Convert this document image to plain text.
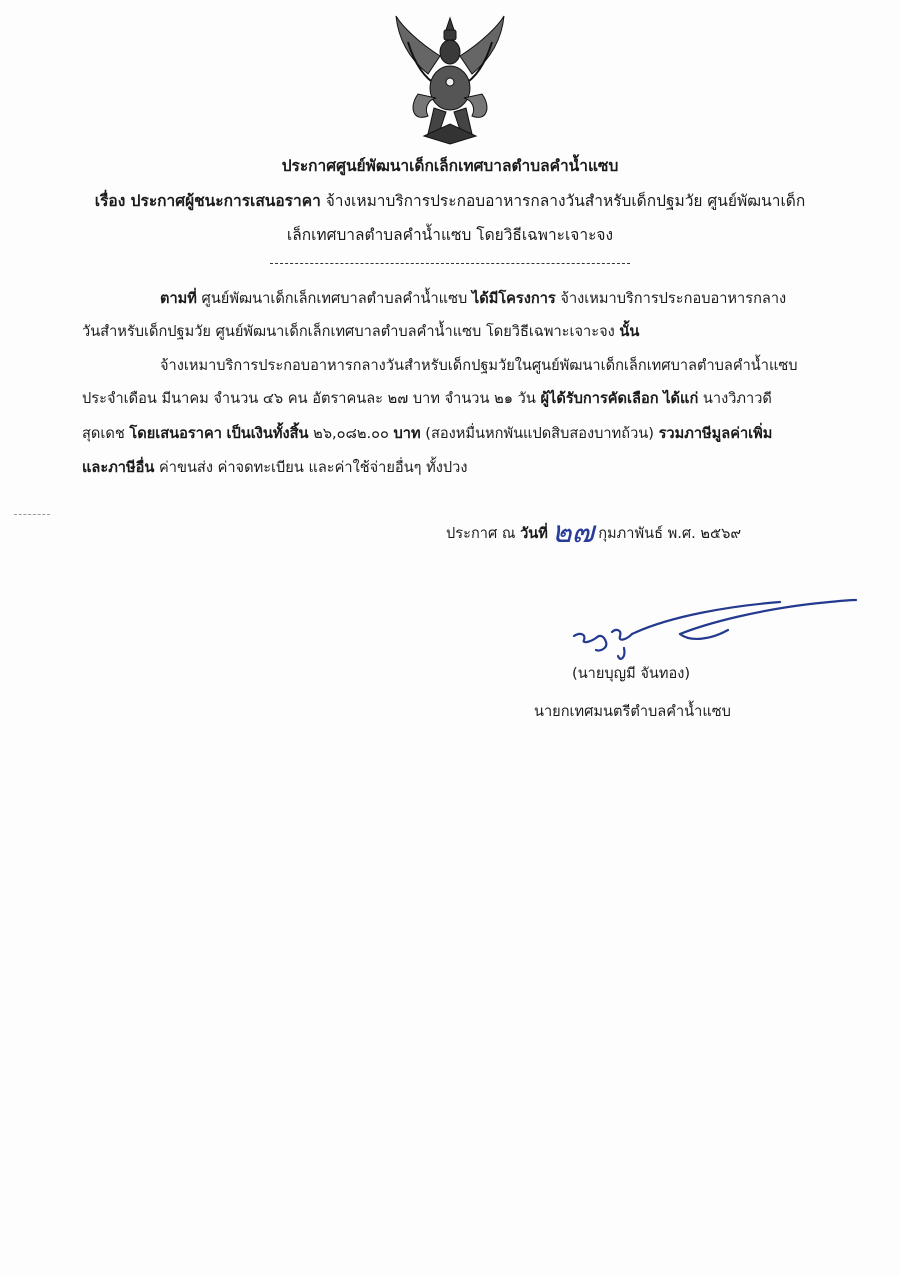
ประกาศศูนย์พัฒนาเด็กเล็กเทศบาลตำบลคำน้ำแซบ
เรื่อง ประกาศผู้ชนะการเสนอราคา จ้างเหมาบริการประกอบอาหารกลางวันสำหรับเด็กปฐมวัย ศูนย์พัฒนาเด็ก
เล็กเทศบาลตำบลคำน้ำแซบ โดยวิธีเฉพาะเจาะจง
ตามที่ ศูนย์พัฒนาเด็กเล็กเทศบาลตำบลคำน้ำแซบ ได้มีโครงการ จ้างเหมาบริการประกอบอาหารกลาง
วันสำหรับเด็กปฐมวัย ศูนย์พัฒนาเด็กเล็กเทศบาลตำบลคำน้ำแซบ โดยวิธีเฉพาะเจาะจง นั้น
จ้างเหมาบริการประกอบอาหารกลางวันสำหรับเด็กปฐมวัยในศูนย์พัฒนาเด็กเล็กเทศบาลตำบลคำน้ำแซบ
ประจำเดือน มีนาคม จำนวน ๔๖ คน อัตราคนละ ๒๗ บาท จำนวน ๒๑ วัน ผู้ได้รับการคัดเลือก ได้แก่ นางวิภาวดี
สุดเดช โดยเสนอราคา เป็นเงินทั้งสิ้น ๒๖,๐๘๒.๐๐ บาท (สองหมื่นหกพันแปดสิบสองบาทถ้วน) รวมภาษีมูลค่าเพิ่ม
และภาษีอื่น ค่าขนส่ง ค่าจดทะเบียน และค่าใช้จ่ายอื่นๆ ทั้งปวง
ประกาศ ณ วันที่ ๒๗ กุมภาพันธ์ พ.ศ. ๒๕๖๙
(นายบุญมี จันทอง)
นายกเทศมนตรีตำบลคำน้ำแซบ
